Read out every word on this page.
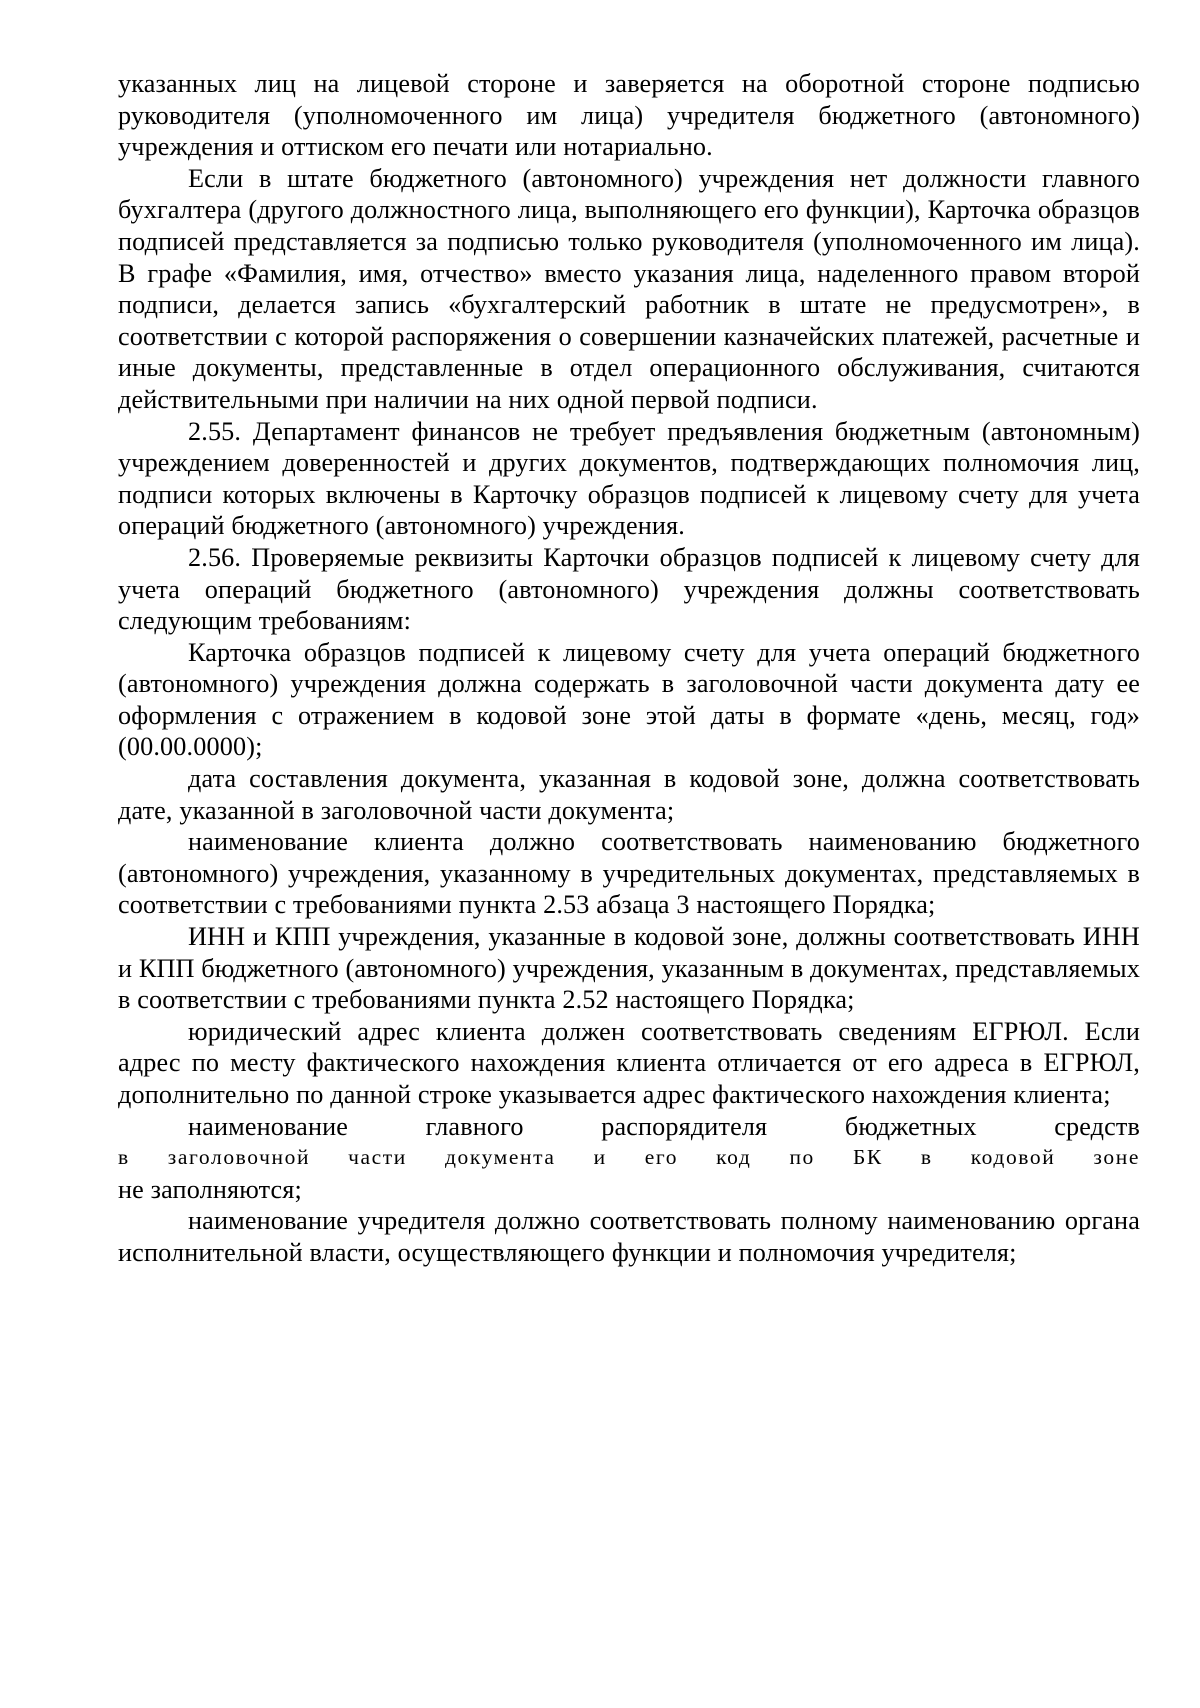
указанных лиц на лицевой стороне и заверяется на оборотной стороне подписью руководителя (уполномоченного им лица) учредителя бюджетного (автономного) учреждения и оттиском его печати или нотариально.

Если в штате бюджетного (автономного) учреждения нет должности главного бухгалтера (другого должностного лица, выполняющего его функции), Карточка образцов подписей представляется за подписью только руководителя (уполномоченного им лица). В графе «Фамилия, имя, отчество» вместо указания лица, наделенного правом второй подписи, делается запись «бухгалтерский работник в штате не предусмотрен», в соответствии с которой распоряжения о совершении казначейских платежей, расчетные и иные документы, представленные в отдел операционного обслуживания, считаются действительными при наличии на них одной первой подписи.

2.55. Департамент финансов не требует предъявления бюджетным (автономным) учреждением доверенностей и других документов, подтверждающих полномочия лиц, подписи которых включены в Карточку образцов подписей к лицевому счету для учета операций бюджетного (автономного) учреждения.

2.56. Проверяемые реквизиты Карточки образцов подписей к лицевому счету для учета операций бюджетного (автономного) учреждения должны соответствовать следующим требованиям:

Карточка образцов подписей к лицевому счету для учета операций бюджетного (автономного) учреждения должна содержать в заголовочной части документа дату ее оформления с отражением в кодовой зоне этой даты в формате «день, месяц, год» (00.00.0000);

дата составления документа, указанная в кодовой зоне, должна соответствовать дате, указанной в заголовочной части документа;

наименование клиента должно соответствовать наименованию бюджетного (автономного) учреждения, указанному в учредительных документах, представляемых в соответствии с требованиями пункта 2.53 абзаца 3 настоящего Порядка;

ИНН и КПП учреждения, указанные в кодовой зоне, должны соответствовать ИНН и КПП бюджетного (автономного) учреждения, указанным в документах, представляемых в соответствии с требованиями пункта 2.52 настоящего Порядка;

юридический адрес клиента должен соответствовать сведениям ЕГРЮЛ. Если адрес по месту фактического нахождения клиента отличается от его адреса в ЕГРЮЛ, дополнительно по данной строке указывается адрес фактического нахождения клиента;

наименование главного распорядителя бюджетных средств

в заголовочной части документа и его код по БК в кодовой зоне

не заполняются;

наименование учредителя должно соответствовать полному наименованию органа исполнительной власти, осуществляющего функции и полномочия учредителя;
